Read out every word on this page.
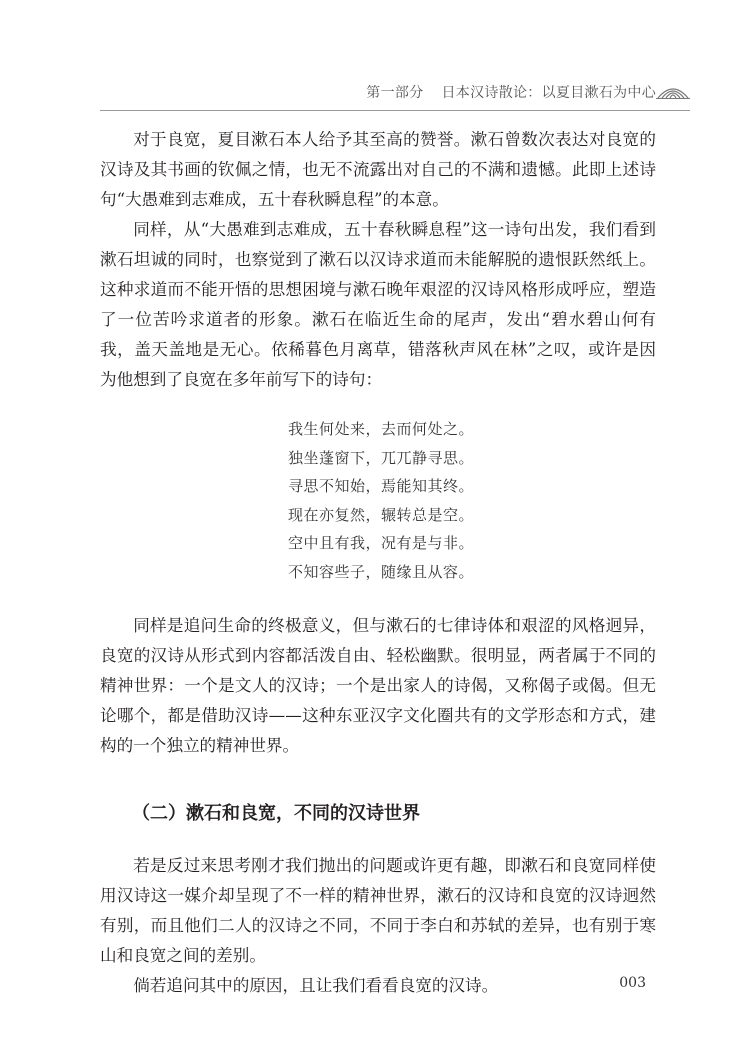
第一部分 日本汉诗散论：以夏目漱石为中心

对于良宽，夏目漱石本人给予其至高的赞誉。漱石曾数次表达对良宽的汉诗及其书画的钦佩之情，也无不流露出对自己的不满和遗憾。此即上述诗句“大愚难到志难成，五十春秋瞬息程”的本意。

同样，从“大愚难到志难成，五十春秋瞬息程”这一诗句出发，我们看到漱石坦诚的同时，也察觉到了漱石以汉诗求道而未能解脱的遗恨跃然纸上。这种求道而不能开悟的思想困境与漱石晚年艰涩的汉诗风格形成呼应，塑造了一位苦吟求道者的形象。漱石在临近生命的尾声，发出“碧水碧山何有我，盖天盖地是无心。依稀暮色月离草，错落秋声风在林”之叹，或许是因为他想到了良宽在多年前写下的诗句：

我生何处来，去而何处之。
独坐蓬窗下，兀兀静寻思。
寻思不知始，焉能知其终。
现在亦复然，辗转总是空。
空中且有我，况有是与非。
不知容些子，随缘且从容。

同样是追问生命的终极意义，但与漱石的七律诗体和艰涩的风格迥异，良宽的汉诗从形式到内容都活泼自由、轻松幽默。很明显，两者属于不同的精神世界：一个是文人的汉诗；一个是出家人的诗偈，又称偈子或偈。但无论哪个，都是借助汉诗——这种东亚汉字文化圈共有的文学形态和方式，建构的一个独立的精神世界。

（二）漱石和良宽，不同的汉诗世界

若是反过来思考刚才我们抛出的问题或许更有趣，即漱石和良宽同样使用汉诗这一媒介却呈现了不一样的精神世界，漱石的汉诗和良宽的汉诗迥然有别，而且他们二人的汉诗之不同，不同于李白和苏轼的差异，也有别于寒山和良宽之间的差别。

倘若追问其中的原因，且让我们看看良宽的汉诗。	003
